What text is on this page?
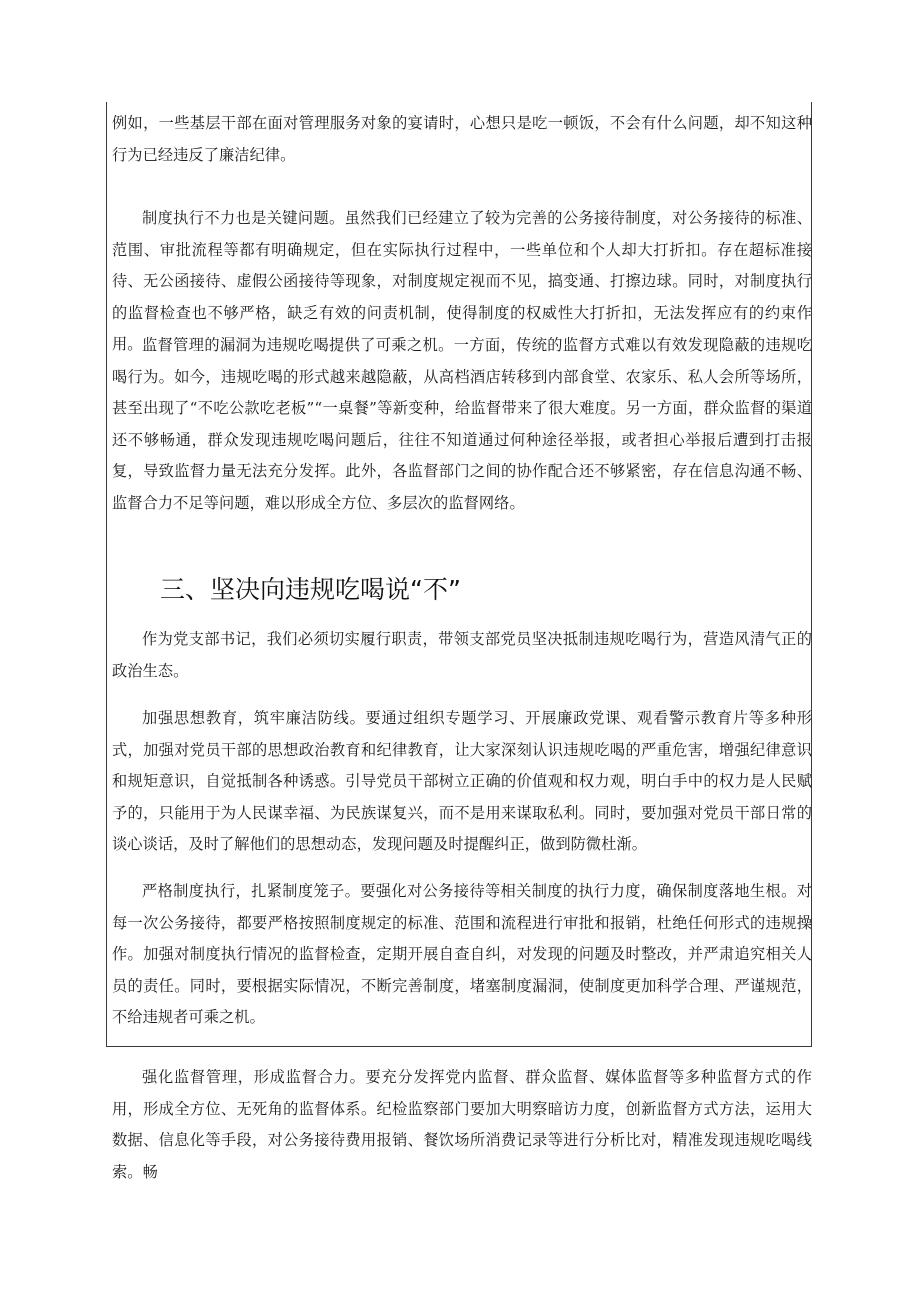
例如，一些基层干部在面对管理服务对象的宴请时，心想只是吃一顿饭，不会有什么问题，却不知这种行为已经违反了廉洁纪律。

制度执行不力也是关键问题。虽然我们已经建立了较为完善的公务接待制度，对公务接待的标准、范围、审批流程等都有明确规定，但在实际执行过程中，一些单位和个人却大打折扣。存在超标准接待、无公函接待、虚假公函接待等现象，对制度规定视而不见，搞变通、打擦边球。同时，对制度执行的监督检查也不够严格，缺乏有效的问责机制，使得制度的权威性大打折扣，无法发挥应有的约束作用。 监督管理的漏洞为违规吃喝提供了可乘之机。一方面，传统的监督方式难以有效发现隐蔽的违规吃喝行为。如今，违规吃喝的形式越来越隐蔽，从高档酒店转移到内部食堂、农家乐、私人会所等场所，甚至出现了“不吃公款吃老板”“一桌餐”等新变种，给监督带来了很大难度。另一方面，群众监督的渠道还不够畅通，群众发现违规吃喝问题后，往往不知道通过何种途径举报，或者担心举报后遭到打击报复，导致监督力量无法充分发挥。此外，各监督部门之间的协作配合还不够紧密，存在信息沟通不畅、监督合力不足等问题，难以形成全方位、多层次的监督网络。

三、坚决向违规吃喝说“不”

作为党支部书记，我们必须切实履行职责，带领支部党员坚决抵制违规吃喝行为，营造风清气正的政治生态。

加强思想教育，筑牢廉洁防线。要通过组织专题学习、开展廉政党课、观看警示教育片等多种形式，加强对党员干部的思想政治教育和纪律教育，让大家深刻认识违规吃喝的严重危害，增强纪律意识和规矩意识，自觉抵制各种诱惑。引导党员干部树立正确的价值观和权力观，明白手中的权力是人民赋予的，只能用于为人民谋幸福、为民族谋复兴，而不是用来谋取私利。同时，要加强对党员干部日常的谈心谈话，及时了解他们的思想动态，发现问题及时提醒纠正，做到防微杜渐。

严格制度执行，扎紧制度笼子。要强化对公务接待等相关制度的执行力度，确保制度落地生根。对每一次公务接待，都要严格按照制度规定的标准、范围和流程进行审批和报销，杜绝任何形式的违规操作。加强对制度执行情况的监督检查，定期开展自查自纠，对发现的问题及时整改，并严肃追究相关人员的责任。同时，要根据实际情况，不断完善制度，堵塞制度漏洞，使制度更加科学合理、严谨规范，不给违规者可乘之机。

强化监督管理，形成监督合力。要充分发挥党内监督、群众监督、媒体监督等多种监督方式的作用，形成全方位、无死角的监督体系。纪检监察部门要加大明察暗访力度，创新监督方式方法，运用大数据、信息化等手段，对公务接待费用报销、餐饮场所消费记录等进行分析比对，精准发现违规吃喝线索。畅
